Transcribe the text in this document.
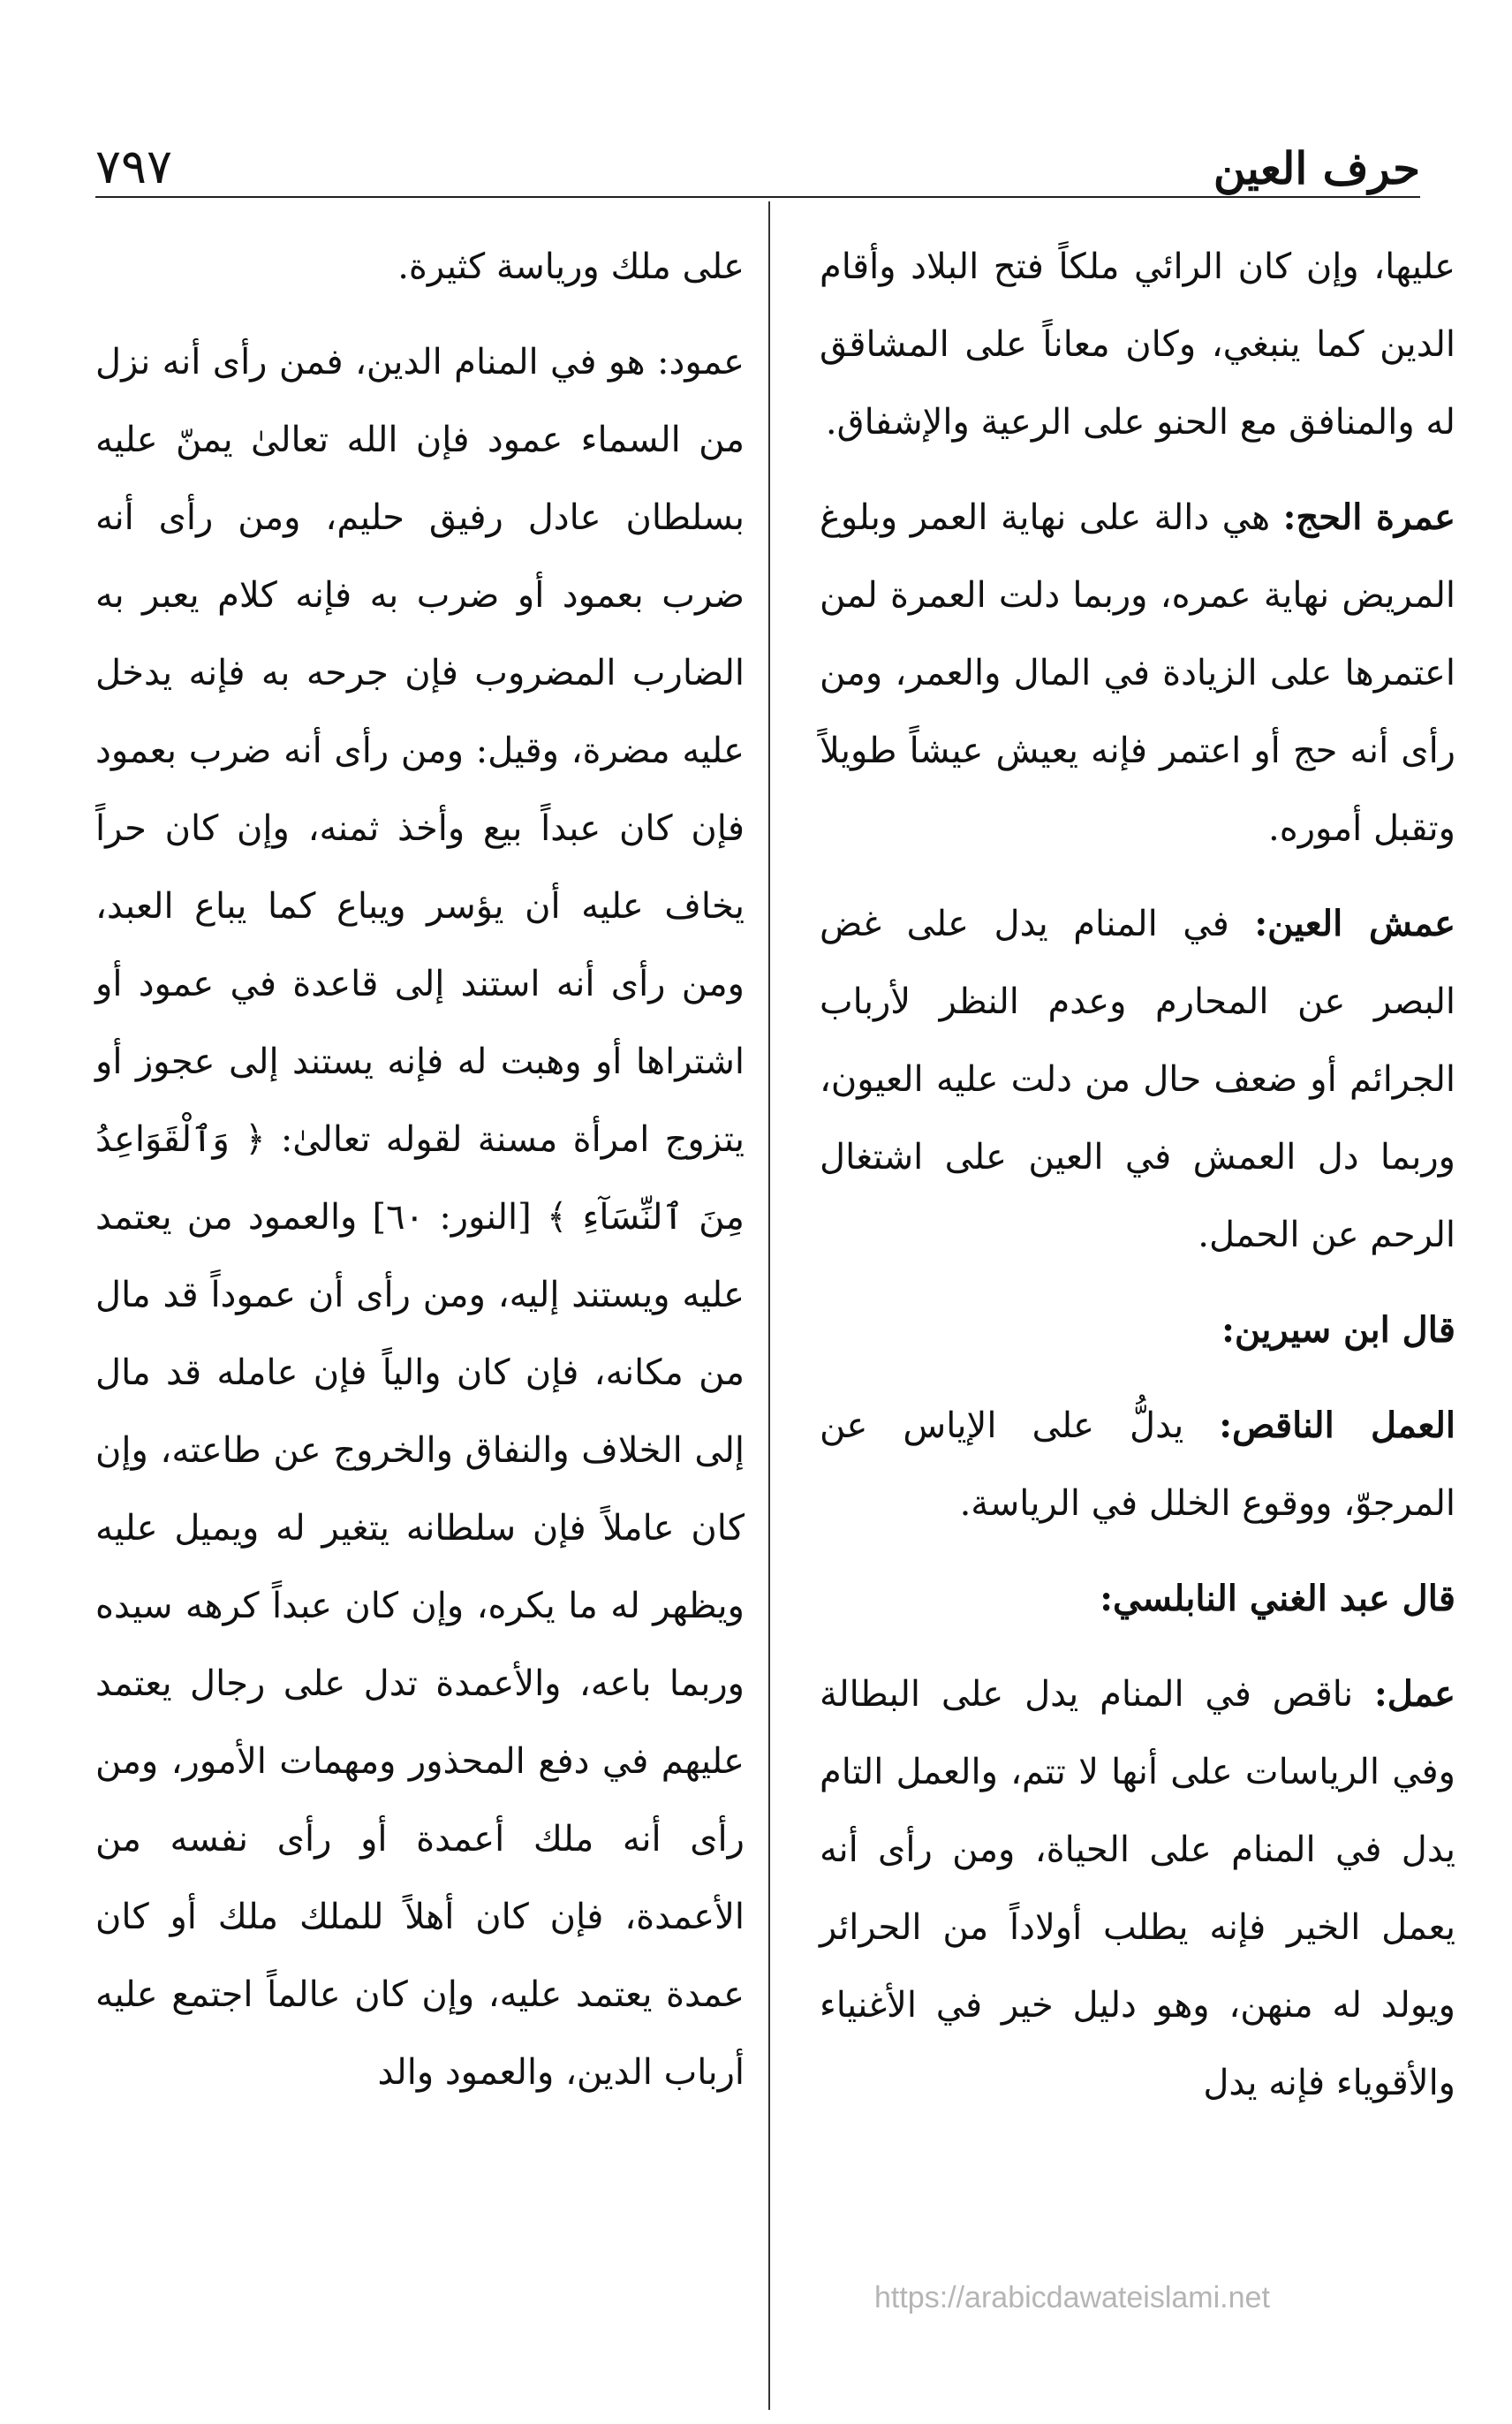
٧٩٧	حرف العين

عليها، وإن كان الرائي ملكاً فتح البلاد وأقام الدين كما ينبغي، وكان معاناً على المشاقق له والمنافق مع الحنو على الرعية والإشفاق.

عمرة الحج: هي دالة على نهاية العمر وبلوغ المريض نهاية عمره، وربما دلت العمرة لمن اعتمرها على الزيادة في المال والعمر، ومن رأى أنه حج أو اعتمر فإنه يعيش عيشاً طويلاً وتقبل أموره.

عمش العين: في المنام يدل على غض البصر عن المحارم وعدم النظر لأرباب الجرائم أو ضعف حال من دلت عليه العيون، وربما دل العمش في العين على اشتغال الرحم عن الحمل.

قال ابن سيرين:

العمل الناقص: يدلُّ على الإياس عن المرجوّ، ووقوع الخلل في الرياسة.

قال عبد الغني النابلسي:

عمل: ناقص في المنام يدل على البطالة وفي الرياسات على أنها لا تتم، والعمل التام يدل في المنام على الحياة، ومن رأى أنه يعمل الخير فإنه يطلب أولاداً من الحرائر ويولد له منهن، وهو دليل خير في الأغنياء والأقوياء فإنه يدل

على ملك ورياسة كثيرة.

عمود: هو في المنام الدين، فمن رأى أنه نزل من السماء عمود فإن الله تعالىٰ يمنّ عليه بسلطان عادل رفيق حليم، ومن رأى أنه ضرب بعمود أو ضرب به فإنه كلام يعبر به الضارب المضروب فإن جرحه به فإنه يدخل عليه مضرة، وقيل: ومن رأى أنه ضرب بعمود فإن كان عبداً بيع وأخذ ثمنه، وإن كان حراً يخاف عليه أن يؤسر ويباع كما يباع العبد، ومن رأى أنه استند إلى قاعدة في عمود أو اشتراها أو وهبت له فإنه يستند إلى عجوز أو يتزوج امرأة مسنة لقوله تعالىٰ: ﴿ وَٱلْقَوَاعِدُ مِنَ ٱلنِّسَآءِ ﴾ [النور: ٦٠] والعمود من يعتمد عليه ويستند إليه، ومن رأى أن عموداً قد مال من مكانه، فإن كان والياً فإن عامله قد مال إلى الخلاف والنفاق والخروج عن طاعته، وإن كان عاملاً فإن سلطانه يتغير له ويميل عليه ويظهر له ما يكره، وإن كان عبداً كرهه سيده وربما باعه، والأعمدة تدل على رجال يعتمد عليهم في دفع المحذور ومهمات الأمور، ومن رأى أنه ملك أعمدة أو رأى نفسه من الأعمدة، فإن كان أهلاً للملك ملك أو كان عمدة يعتمد عليه، وإن كان عالماً اجتمع عليه أرباب الدين، والعمود والد

https://arabicdawateislami.net
